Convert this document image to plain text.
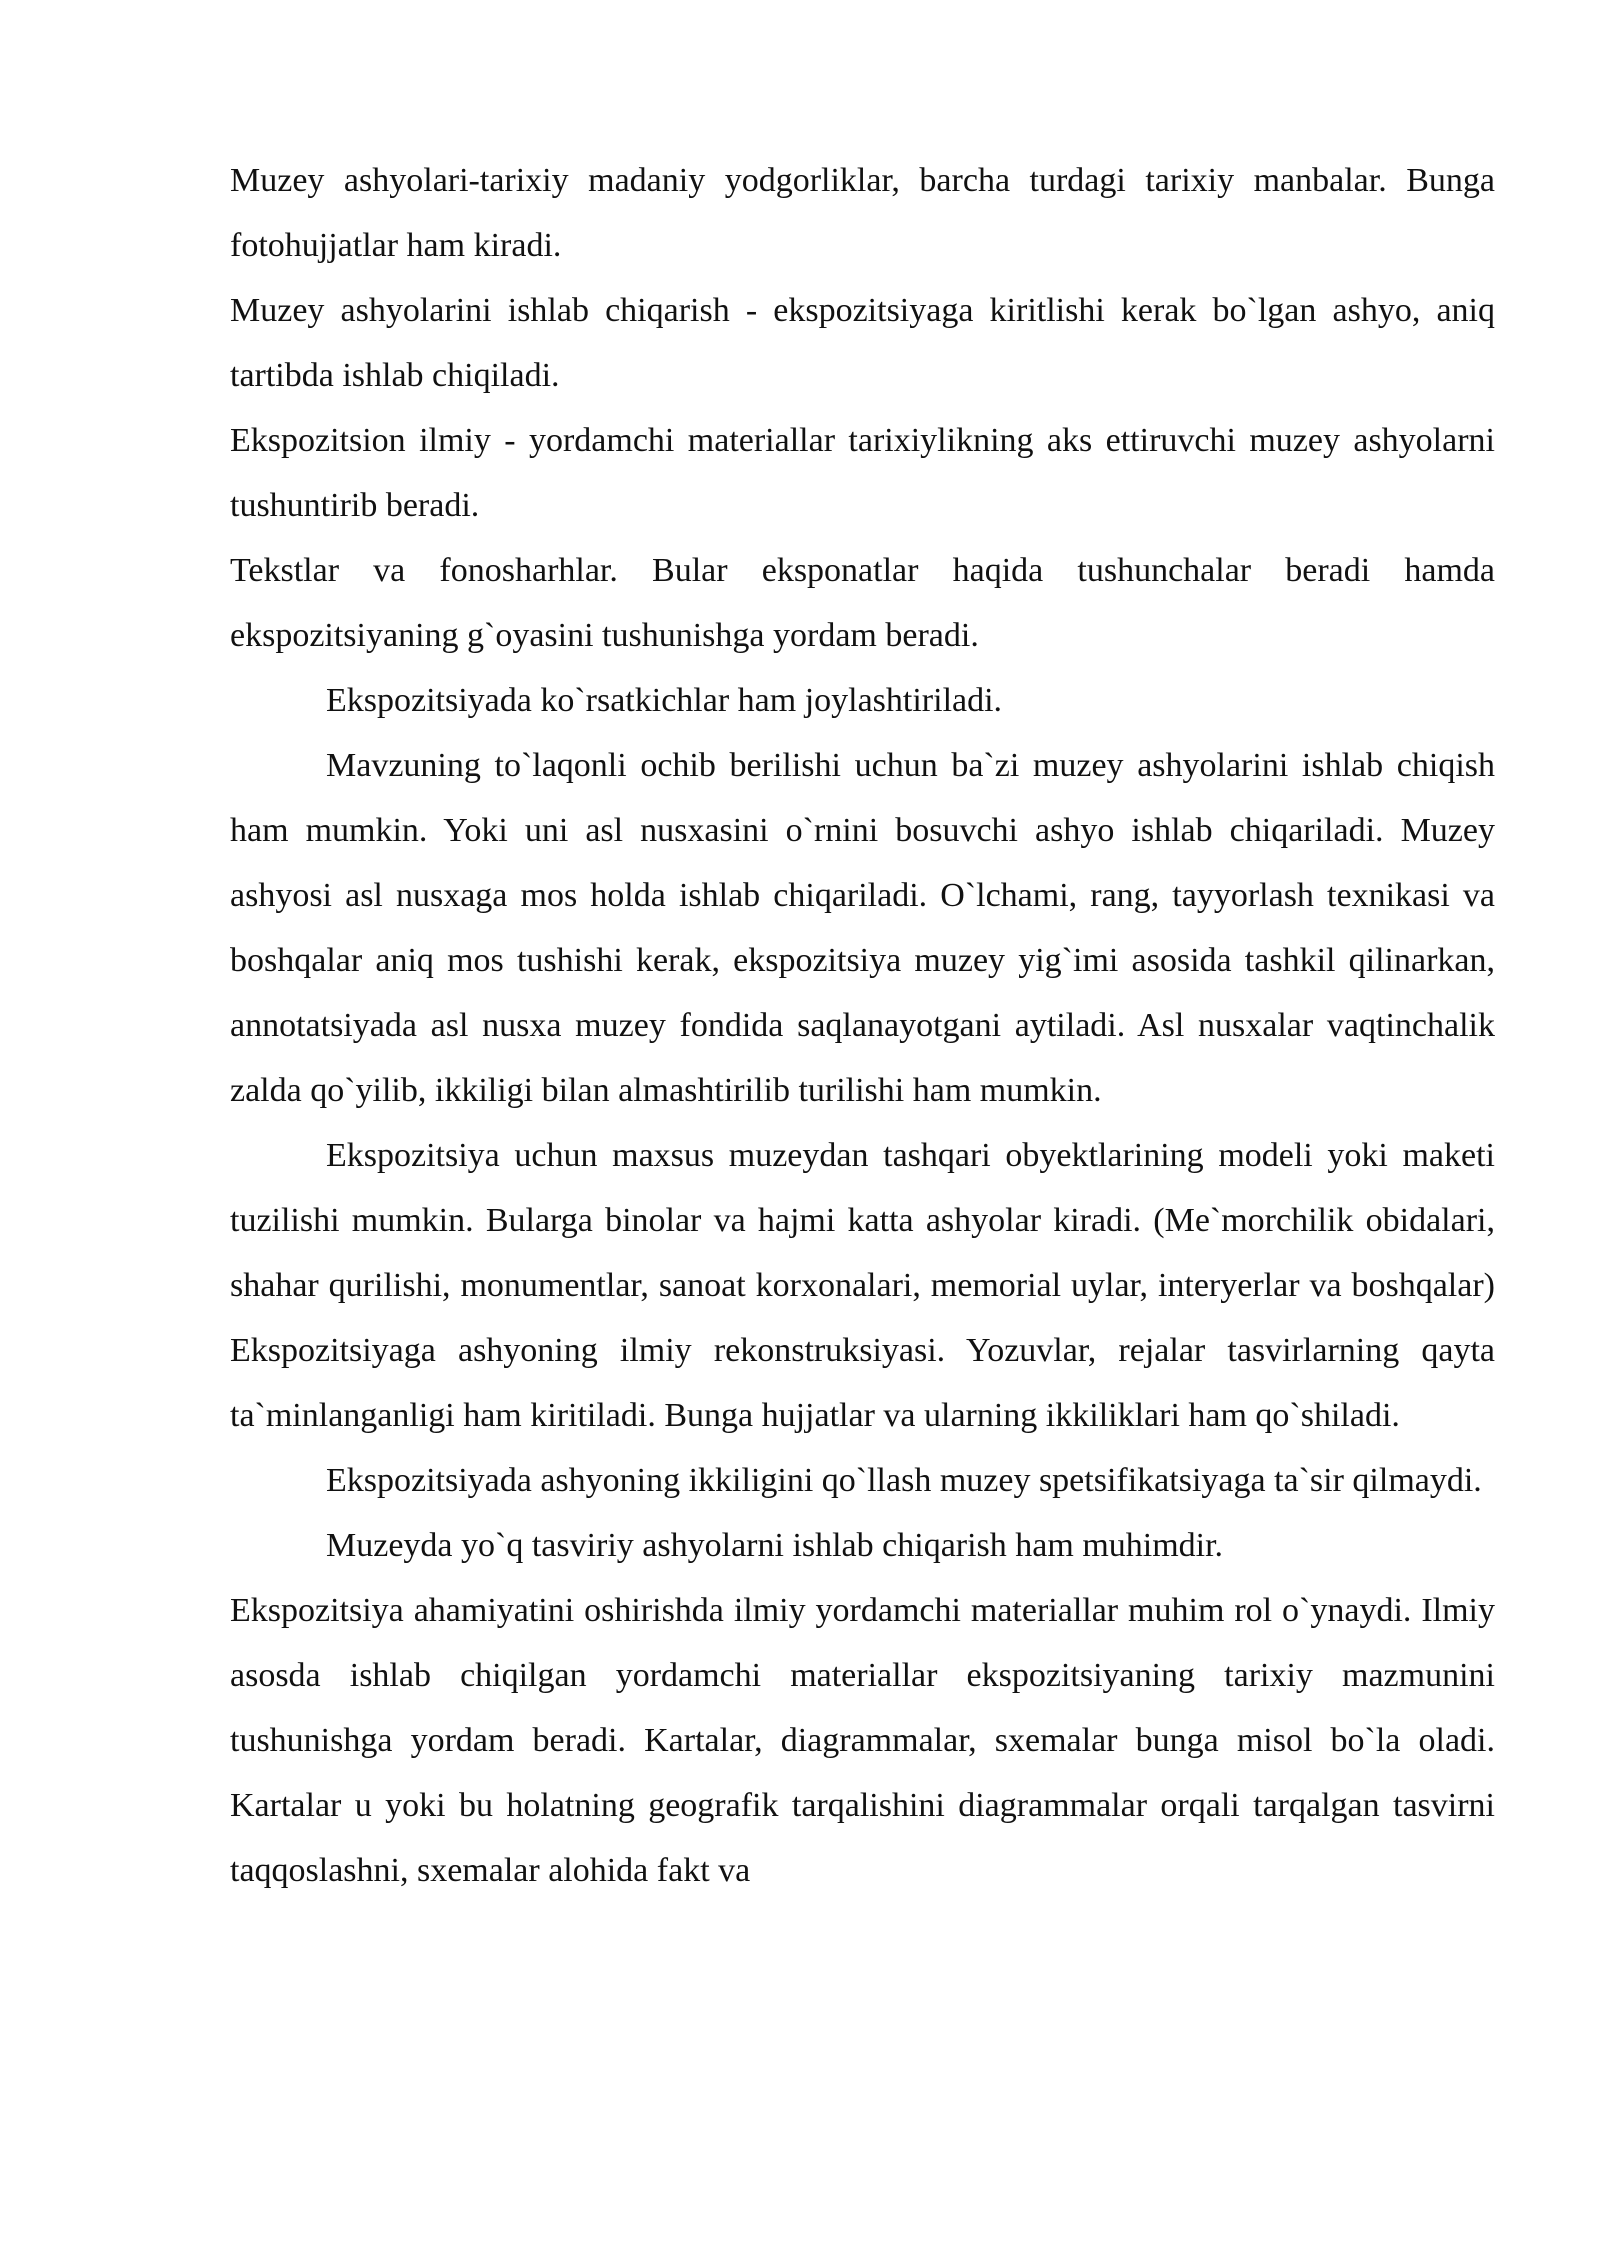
Muzey ashyolari-tarixiy madaniy yodgorliklar, barcha turdagi tarixiy manbalar. Bunga fotohujjatlar ham kiradi.

Muzey ashyolarini ishlab chiqarish - ekspozitsiyaga kiritlishi kerak bo`lgan ashyo, aniq tartibda ishlab chiqiladi.

Ekspozitsion ilmiy - yordamchi materiallar tarixiylikning aks ettiruvchi muzey ashyolarni tushuntirib beradi.

Tekstlar va fonosharhlar. Bular eksponatlar haqida tushunchalar beradi hamda ekspozitsiyaning g`oyasini tushunishga yordam beradi.

Ekspozitsiyada ko`rsatkichlar ham joylashtiriladi.

Mavzuning to`laqonli ochib berilishi uchun ba`zi muzey ashyolarini ishlab chiqish ham mumkin. Yoki uni asl nusxasini o`rnini bosuvchi ashyo ishlab chiqariladi. Muzey ashyosi asl nusxaga mos holda ishlab chiqariladi. O`lchami, rang, tayyorlash texnikasi va boshqalar aniq mos tushishi kerak, ekspozitsiya muzey yig`imi asosida tashkil qilinarkan, annotatsiyada asl nusxa muzey fondida saqlanayotgani aytiladi. Asl nusxalar vaqtinchalik zalda qo`yilib, ikkiligi bilan almashtirilib turilishi ham mumkin.

Ekspozitsiya uchun maxsus muzeydan tashqari obyektlarining modeli yoki maketi tuzilishi mumkin. Bularga binolar va hajmi katta ashyolar kiradi. (Me`morchilik obidalari, shahar qurilishi, monumentlar, sanoat korxonalari, memorial uylar, interyerlar va boshqalar) Ekspozitsiyaga ashyoning ilmiy rekonstruksiyasi. Yozuvlar, rejalar tasvirlarning qayta ta`minlanganligi ham kiritiladi. Bunga hujjatlar va ularning ikkiliklari ham qo`shiladi.

Ekspozitsiyada ashyoning ikkiligini qo`llash muzey spetsifikatsiyaga ta`sir qilmaydi.

Muzeyda yo`q tasviriy ashyolarni ishlab chiqarish ham muhimdir.

Ekspozitsiya ahamiyatini oshirishda ilmiy yordamchi materiallar muhim rol o`ynaydi. Ilmiy asosda ishlab chiqilgan yordamchi materiallar ekspozitsiyaning tarixiy mazmunini tushunishga yordam beradi. Kartalar, diagrammalar, sxemalar bunga misol bo`la oladi. Kartalar u yoki bu holatning geografik tarqalishini diagrammalar orqali tarqalgan tasvirni taqqoslashni, sxemalar alohida fakt va
